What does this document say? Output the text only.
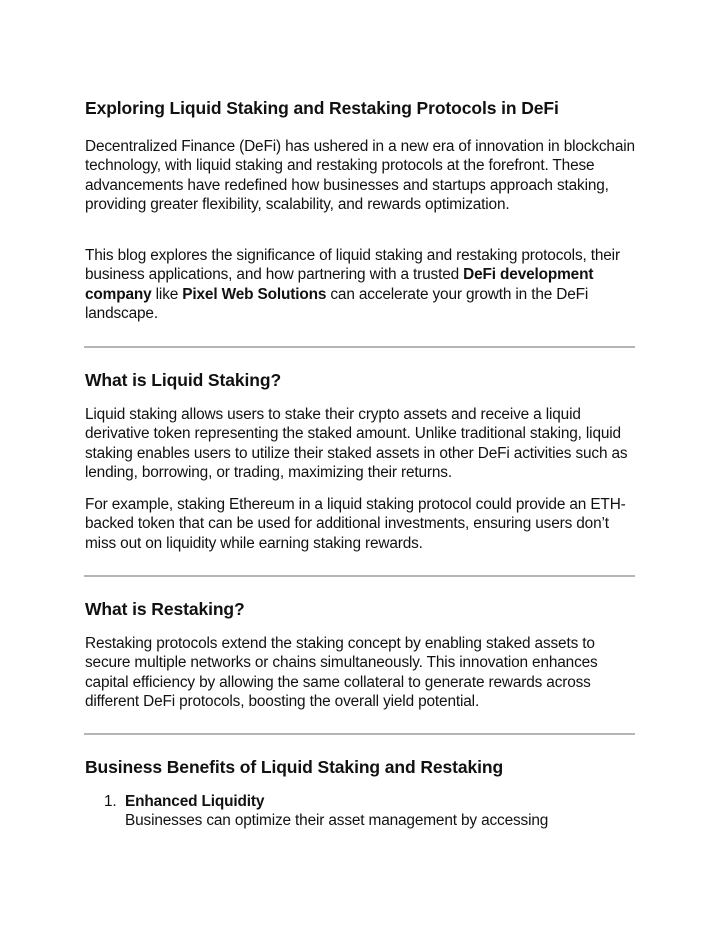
Exploring Liquid Staking and Restaking Protocols in DeFi

Decentralized Finance (DeFi) has ushered in a new era of innovation in blockchain technology, with liquid staking and restaking protocols at the forefront. These advancements have redefined how businesses and startups approach staking, providing greater flexibility, scalability, and rewards optimization.

This blog explores the significance of liquid staking and restaking protocols, their business applications, and how partnering with a trusted DeFi development company like Pixel Web Solutions can accelerate your growth in the DeFi landscape.

What is Liquid Staking?

Liquid staking allows users to stake their crypto assets and receive a liquid derivative token representing the staked amount. Unlike traditional staking, liquid staking enables users to utilize their staked assets in other DeFi activities such as lending, borrowing, or trading, maximizing their returns.

For example, staking Ethereum in a liquid staking protocol could provide an ETH-backed token that can be used for additional investments, ensuring users don’t miss out on liquidity while earning staking rewards.

What is Restaking?

Restaking protocols extend the staking concept by enabling staked assets to secure multiple networks or chains simultaneously. This innovation enhances capital efficiency by allowing the same collateral to generate rewards across different DeFi protocols, boosting the overall yield potential.

Business Benefits of Liquid Staking and Restaking
1. Enhanced Liquidity
Businesses can optimize their asset management by accessing
